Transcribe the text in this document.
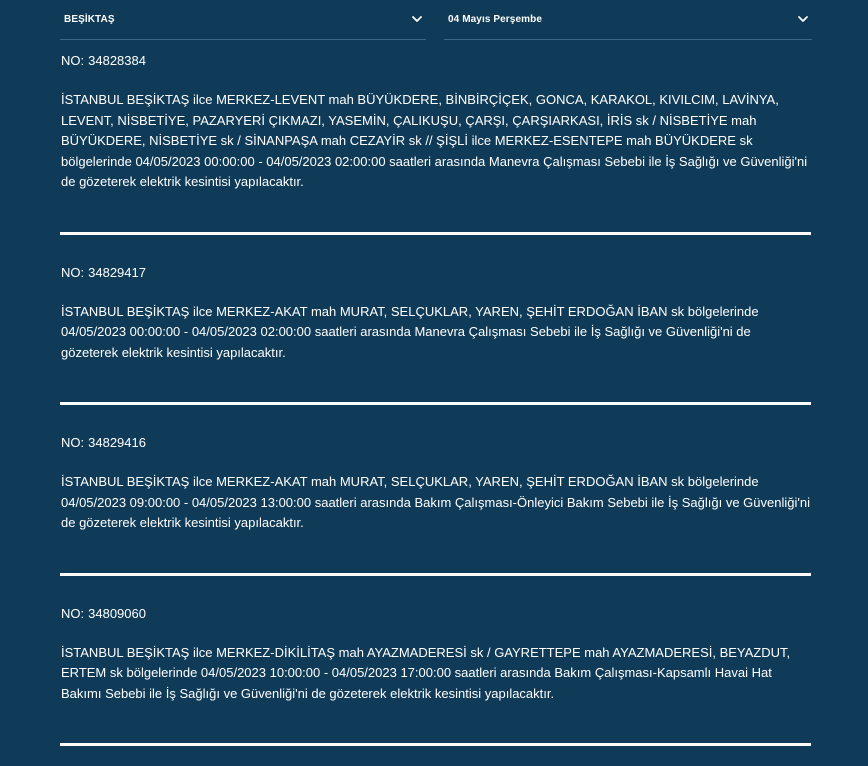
BEŞİKTAŞ	04 Mayıs Perşembe

NO: 34828384

İSTANBUL BEŞİKTAŞ ilce MERKEZ-LEVENT mah BÜYÜKDERE, BİNBİRÇİÇEK, GONCA, KARAKOL, KIVILCIM, LAVİNYA, LEVENT, NİSBETİYE, PAZARYERİ ÇIKMAZI, YASEMİN, ÇALIKUŞU, ÇARŞI, ÇARŞIARKASI, İRİS sk / NİSBETİYE mah BÜYÜKDERE, NİSBETİYE sk / SİNANPAŞA mah CEZAYİR sk // ŞİŞLİ ilce MERKEZ-ESENTEPE mah BÜYÜKDERE sk bölgelerinde 04/05/2023 00:00:00 - 04/05/2023 02:00:00 saatleri arasında Manevra Çalışması Sebebi ile İş Sağlığı ve Güvenliği'ni de gözeterek elektrik kesintisi yapılacaktır.

NO: 34829417

İSTANBUL BEŞİKTAŞ ilce MERKEZ-AKAT mah MURAT, SELÇUKLAR, YAREN, ŞEHİT ERDOĞAN İBAN sk bölgelerinde 04/05/2023 00:00:00 - 04/05/2023 02:00:00 saatleri arasında Manevra Çalışması Sebebi ile İş Sağlığı ve Güvenliği'ni de gözeterek elektrik kesintisi yapılacaktır.

NO: 34829416

İSTANBUL BEŞİKTAŞ ilce MERKEZ-AKAT mah MURAT, SELÇUKLAR, YAREN, ŞEHİT ERDOĞAN İBAN sk bölgelerinde 04/05/2023 09:00:00 - 04/05/2023 13:00:00 saatleri arasında Bakım Çalışması-Önleyici Bakım Sebebi ile İş Sağlığı ve Güvenliği'ni de gözeterek elektrik kesintisi yapılacaktır.

NO: 34809060

İSTANBUL BEŞİKTAŞ ilce MERKEZ-DİKİLİTAŞ mah AYAZMADERESİ sk / GAYRETTEPE mah AYAZMADERESİ, BEYAZDUT, ERTEM sk bölgelerinde 04/05/2023 10:00:00 - 04/05/2023 17:00:00 saatleri arasında Bakım Çalışması-Kapsamlı Havai Hat Bakımı Sebebi ile İş Sağlığı ve Güvenliği'ni de gözeterek elektrik kesintisi yapılacaktır.
